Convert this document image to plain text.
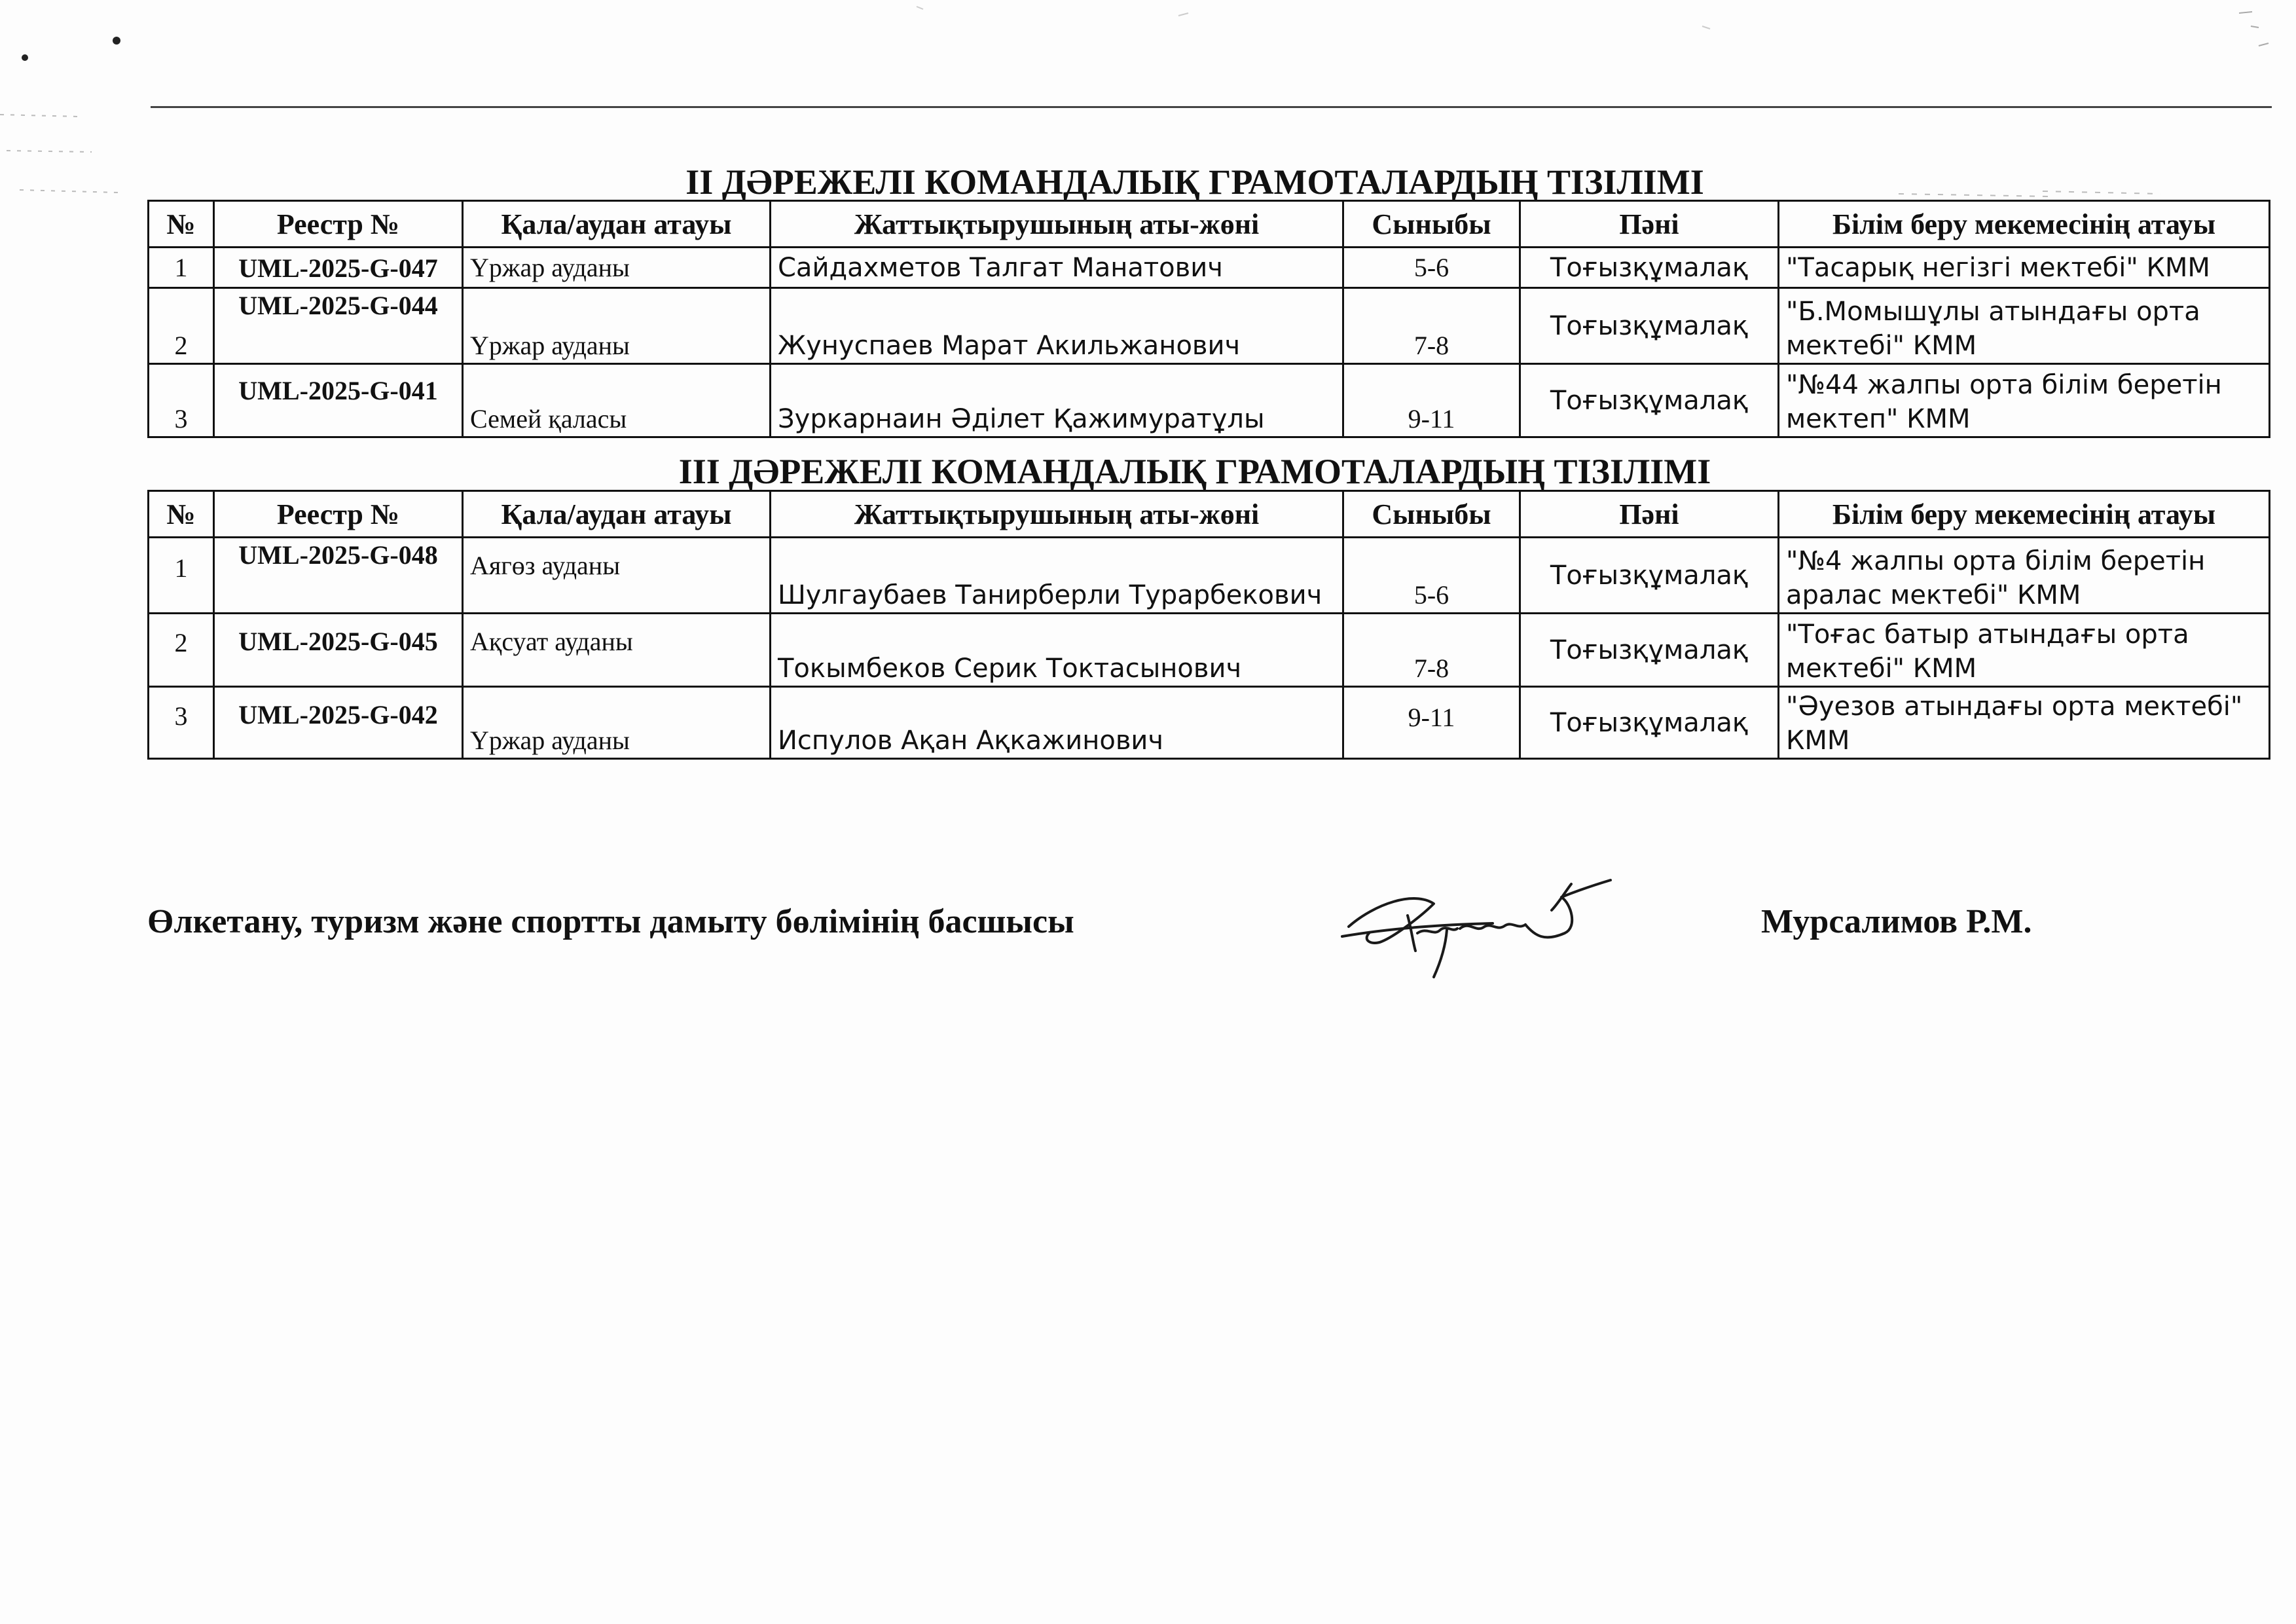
II ДӘРЕЖЕЛІ КОМАНДАЛЫҚ ГРАМОТАЛАРДЫҢ ТІЗІЛІМІ
№	Реестр №	Қала/аудан атауы	Жаттықтырушының аты-жөні	Сыныбы	Пәні	Білім беру мекемесінің атауы
1	UML-2025-G-047	Үржар ауданы	Сайдахметов Талгат Манатович	5-6	Тоғызқұмалақ	"Тасарық негізгі мектебі" КММ
2	UML-2025-G-044	Үржар ауданы	Жунуспаев Марат Акильжанович	7-8	Тоғызқұмалақ	"Б.Момышұлы атындағы орта мектебі" КММ
3	UML-2025-G-041	Семей қаласы	Зуркарнаин Әділет Қажимуратұлы	9-11	Тоғызқұмалақ	"№44 жалпы орта білім беретін мектеп" КММ
III ДӘРЕЖЕЛІ КОМАНДАЛЫҚ ГРАМОТАЛАРДЫҢ ТІЗІЛІМІ
№	Реестр №	Қала/аудан атауы	Жаттықтырушының аты-жөні	Сыныбы	Пәні	Білім беру мекемесінің атауы
1	UML-2025-G-048	Аягөз ауданы	Шулгаубаев Танирберли Турарбекович	5-6	Тоғызқұмалақ	"№4 жалпы орта білім беретін аралас мектебі" КММ
2	UML-2025-G-045	Ақсуат ауданы	Токымбеков Серик Токтасынович	7-8	Тоғызқұмалақ	"Тоғас батыр атындағы орта мектебі" КММ
3	UML-2025-G-042	Үржар ауданы	Испулов Ақан Ақкажинович	9-11	Тоғызқұмалақ	"Әуезов атындағы орта мектебі" КММ
Өлкетану, туризм және спортты дамыту бөлімінің басшысы	Мурсалимов Р.М.
